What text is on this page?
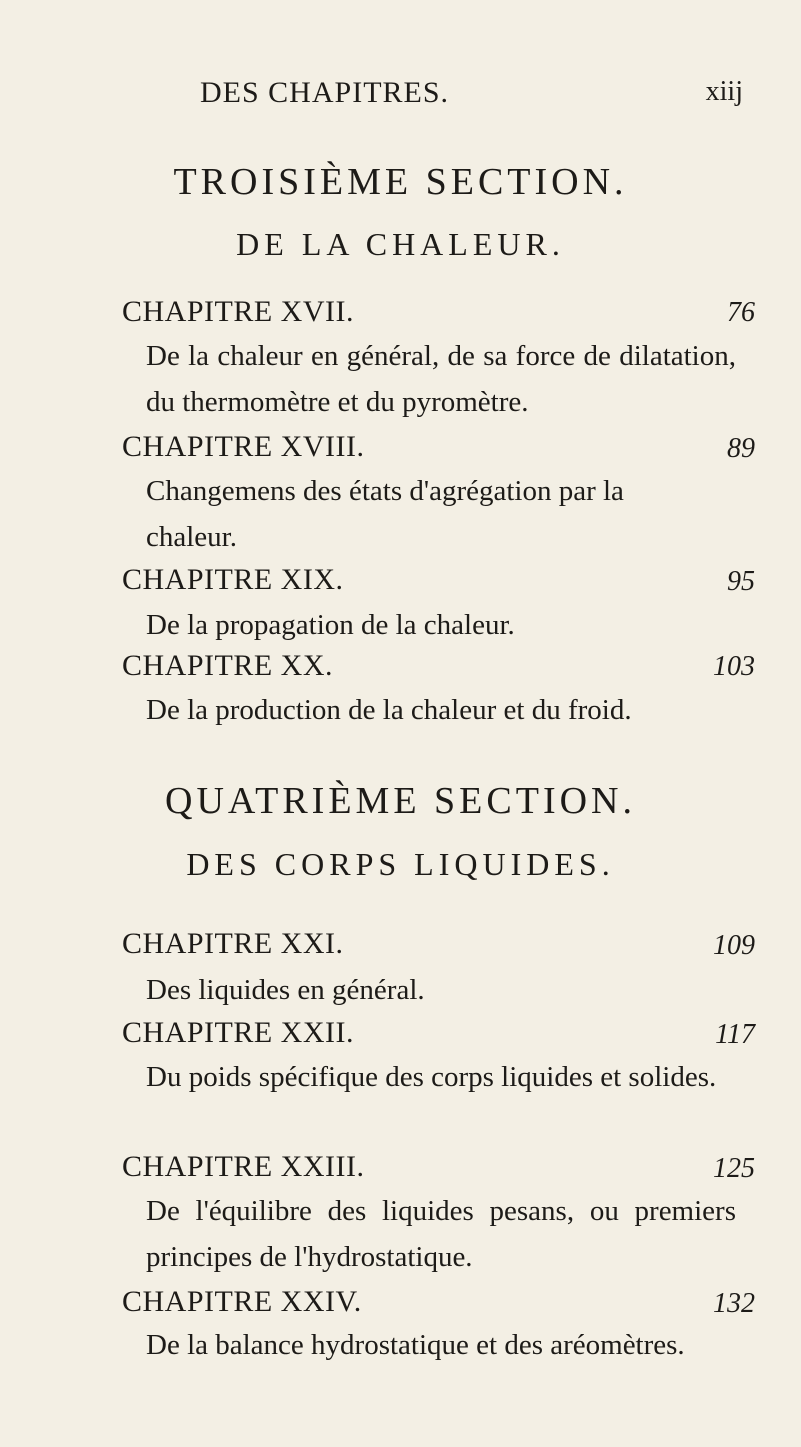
DES CHAPITRES.	xiij
TROISIÈME SECTION.
DE LA CHALEUR.
CHAPITRE XVII.	76
De la chaleur en général, de sa force de dilatation, du thermomètre et du pyromètre.
CHAPITRE XVIII.	89
Changemens des états d'agrégation par la chaleur.
CHAPITRE XIX.	95
De la propagation de la chaleur.
CHAPITRE XX.	103
De la production de la chaleur et du froid.
QUATRIÈME SECTION.
DES CORPS LIQUIDES.
CHAPITRE XXI.	109
Des liquides en général.
CHAPITRE XXII.	117
Du poids spécifique des corps liquides et solides.
CHAPITRE XXIII.	125
De l'équilibre des liquides pesans, ou premiers principes de l'hydrostatique.
CHAPITRE XXIV.	132
De la balance hydrostatique et des aréomètres.
